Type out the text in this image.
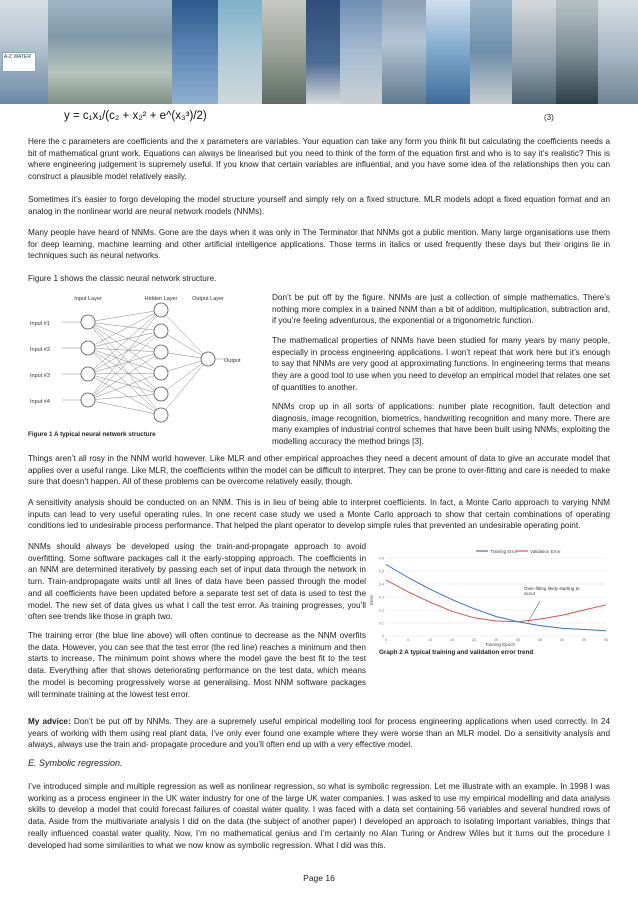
A-Z WATER
y = c₁x₁/(c₂ + x₂² + e^(x₃³)/2)	(3)

Here the c parameters are coefficients and the x parameters are variables. Your equation can take any form you think fit but calculating the coefficients needs a bit of mathematical grunt work. Equations can always be linearised but you need to think of the form of the equation first and who is to say it’s realistic? This is where engineering judgement is supremely useful. If you know that certain variables are influential, and you have some idea of the relationships then you can construct a plausible model relatively easily.

Sometimes it’s easier to forgo developing the model structure yourself and simply rely on a fixed structure. MLR models adopt a fixed equation format and an analog in the nonlinear world are neural network models (NNMs).

Many people have heard of NNMs. Gone are the days when it was only in The Terminator that NNMs got a public mention. Many large organisations use them for deep learning, machine learning and other artificial intelligence applications. Those terms in italics or used frequently these days but their origins lie in techniques such as neural networks.

Figure 1 shows the classic neural network structure.

Input Layer	Hidden Layer	Output Layer
Input #1
Input #2
Input #3
Input #4
Output
Figure 1 A typical neural network structure

Don’t be put off by the figure. NNMs are just a collection of simple mathematics. There’s nothing more complex in a trained NNM than a bit of addition, multiplication, subtraction and, if you’re feeling adventurous, the exponential or a trigonometric function.

The mathematical properties of NNMs have been studied for many years by many people, especially in process engineering applications. I won’t repeat that work here but it’s enough to say that NNMs are very good at approximating functions. In engineering terms that means they are a good tool to use when you need to develop an empirical model that relates one set of quantities to another.

NNMs crop up in all sorts of applications: number plate recognition, fault detection and diagnosis, image recognition, biometrics, handwriting recognition and many more. There are many examples of industrial control schemes that have been built using NNMs, exploiting the modelling accuracy the method brings [3].

Things aren’t all rosy in the NNM world however. Like MLR and other empirical approaches they need a decent amount of data to give an accurate model that applies over a useful range. Like MLR, the coefficients within the model can be difficult to interpret. They can be prone to over-fitting and care is needed to make sure that doesn’t happen. All of these problems can be overcome relatively easily, though.

A sensitivity analysis should be conducted on an NNM. This is in lieu of being able to interpret coefficients. In fact, a Monte Carlo approach to varying NNM inputs can lead to very useful operating rules. In one recent case study we used a Monte Carlo approach to show that certain combinations of operating conditions led to undesirable process performance. That helped the plant operator to develop simple rules that prevented an undesirable operating point.

NNMs should always be developed using the train-and-propagate approach to avoid overfitting. Some software packages call it the early-stopping approach. The coefficients in an NNM are determined iteratively by passing each set of input data through the network in turn. Train-andpropagate waits until all lines of data have been passed through the model and all coefficients have been updated before a separate test set of data is used to test the model. The new set of data gives us what I call the test error. As training progresses, you’ll often see trends like those in graph two.

The training error (the blue line above) will often continue to decrease as the NNM overfits the data. However, you can see that the test error (the red line) reaches a minimum and then starts to increase. The minimum point shows where the model gave the best fit to the test data. Everything after that shows deteriorating performance on the test data, which means the model is becoming progressively worse at generalising. Most NNM software packages will terminate training at the lowest test error.

0
0.1
0.2
0.3
0.4
0.5
0.6
0	5	10	15	20	25	30	35	40	45	50
Training Error	Validation Error
Over-fitting likely starting to occur
Training Epoch
Error
Graph 2 A typical training and validation error trend

My advice: Don’t be put off by NNMs. They are a supremely useful empirical modelling tool for process engineering applications when used correctly. In 24 years of working with them using real plant data, I’ve only ever found one example where they were worse than an MLR model. Do a sensitivity analysis and always, always use the train and- propagate procedure and you’ll often end up with a very effective model.

E. Symbolic regression.

I’ve introduced simple and multiple regression as well as nonlinear regression, so what is symbolic regression. Let me illustrate with an example. In 1998 I was working as a process engineer in the UK water industry for one of the large UK water companies. I was asked to use my empirical modelling and data analysis skills to develop a model that could forecast failures of coastal water quality. I was faced with a data set containing 56 variables and several hundred rows of data. Aside from the multivariate analysis I did on the data (the subject of another paper) I developed an approach to isolating important variables, things that really influenced coastal water quality. Now, I’m no mathematical genius and I’m certainly no Alan Turing or Andrew Wiles but it turns out the procedure I developed had some similarities to what we now know as symbolic regression. What I did was this.

Page 16
